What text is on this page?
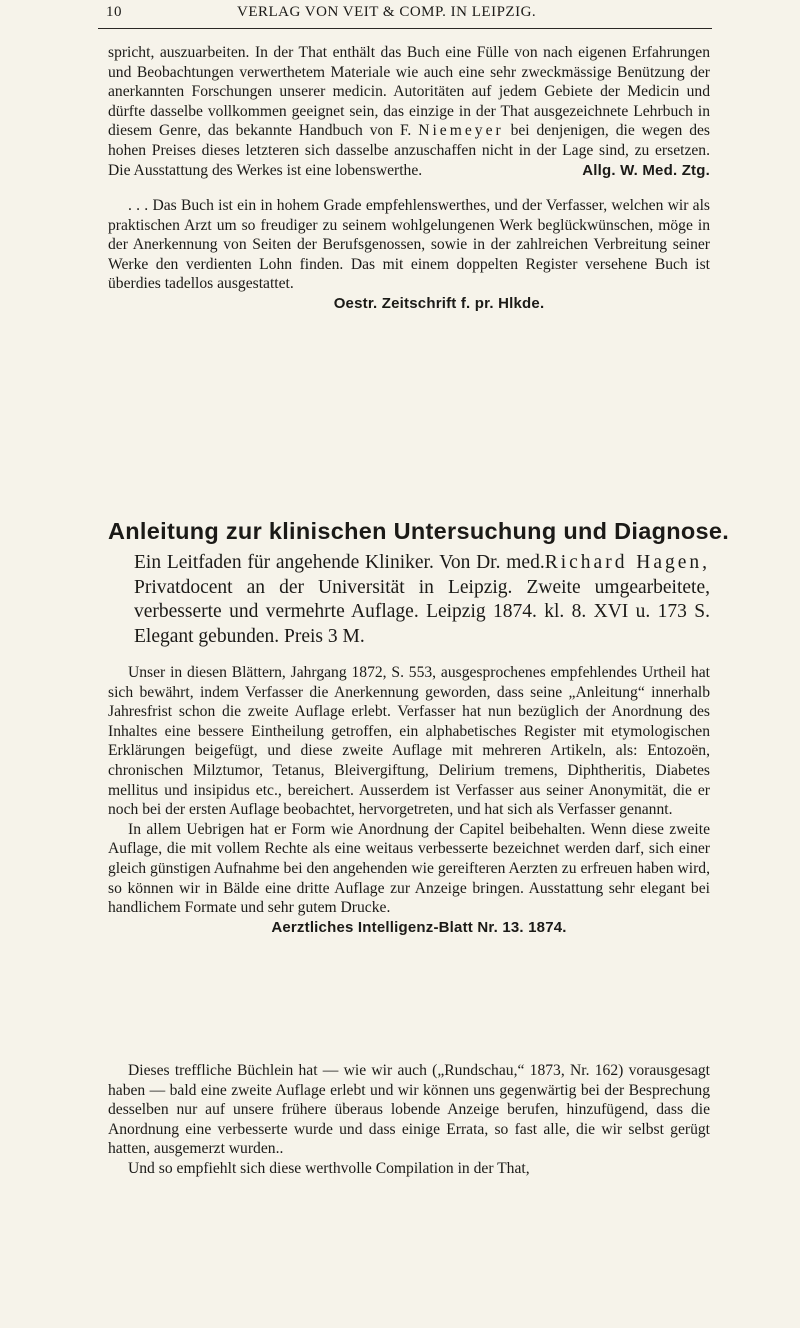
10	VERLAG VON VEIT & COMP. IN LEIPZIG.

spricht, auszuarbeiten. In der That enthält das Buch eine Fülle von nach eigenen Erfahrungen und Beobachtungen verwerthetem Materiale wie auch eine sehr zweckmässige Benützung der anerkannten Forschungen unserer medicin. Autoritäten auf jedem Gebiete der Medicin und dürfte dasselbe vollkommen geeignet sein, das einzige in der That ausgezeichnete Lehrbuch in diesem Genre, das bekannte Handbuch von F. Niemeyer bei denjenigen, die wegen des hohen Preises dieses letzteren sich dasselbe anzuschaffen nicht in der Lage sind, zu ersetzen. Die Ausstattung des Werkes ist eine lobenswerthe.	Allg. W. Med. Ztg.

. . . Das Buch ist ein in hohem Grade empfehlenswerthes, und der Verfasser, welchen wir als praktischen Arzt um so freudiger zu seinem wohlgelungenen Werk beglückwünschen, möge in der Anerkennung von Seiten der Berufsgenossen, sowie in der zahlreichen Verbreitung seiner Werke den verdienten Lohn finden. Das mit einem doppelten Register versehene Buch ist überdies tadellos ausgestattet.

Oestr. Zeitschrift f. pr. Hlkde.
Anleitung zur klinischen Untersuchung und Diagnose.
Ein Leitfaden für angehende Kliniker. Von Dr. med.Richard Hagen, Privatdocent an der Universität in Leipzig. Zweite umgearbeitete, verbesserte und vermehrte Auflage. Leipzig 1874. kl. 8. XVI u. 173 S. Elegant gebunden. Preis 3 M.

Unser in diesen Blättern, Jahrgang 1872, S. 553, ausgesprochenes empfehlendes Urtheil hat sich bewährt, indem Verfasser die Anerkennung geworden, dass seine „Anleitung“ innerhalb Jahresfrist schon die zweite Auflage erlebt. Verfasser hat nun bezüglich der Anordnung des Inhaltes eine bessere Eintheilung getroffen, ein alphabetisches Register mit etymologischen Erklärungen beigefügt, und diese zweite Auflage mit mehreren Artikeln, als: Entozoën, chronischen Milztumor, Tetanus, Bleivergiftung, Delirium tremens, Diphtheritis, Diabetes mellitus und insipidus etc., bereichert. Ausserdem ist Verfasser aus seiner Anonymität, die er noch bei der ersten Auflage beobachtet, hervorgetreten, und hat sich als Verfasser genannt.

In allem Uebrigen hat er Form wie Anordnung der Capitel beibehalten. Wenn diese zweite Auflage, die mit vollem Rechte als eine weitaus verbesserte bezeichnet werden darf, sich einer gleich günstigen Aufnahme bei den angehenden wie gereifteren Aerzten zu erfreuen haben wird, so können wir in Bälde eine dritte Auflage zur Anzeige bringen. Ausstattung sehr elegant bei handlichem Formate und sehr gutem Drucke.

Aerztliches Intelligenz-Blatt Nr. 13. 1874.

Dieses treffliche Büchlein hat — wie wir auch („Rundschau,“ 1873, Nr. 162) vorausgesagt haben — bald eine zweite Auflage erlebt und wir können uns gegenwärtig bei der Besprechung desselben nur auf unsere frühere überaus lobende Anzeige berufen, hinzufügend, dass die Anordnung eine verbesserte wurde und dass einige Errata, so fast alle, die wir selbst gerügt hatten, ausgemerzt wurden..

Und so empfiehlt sich diese werthvolle Compilation in der That,
